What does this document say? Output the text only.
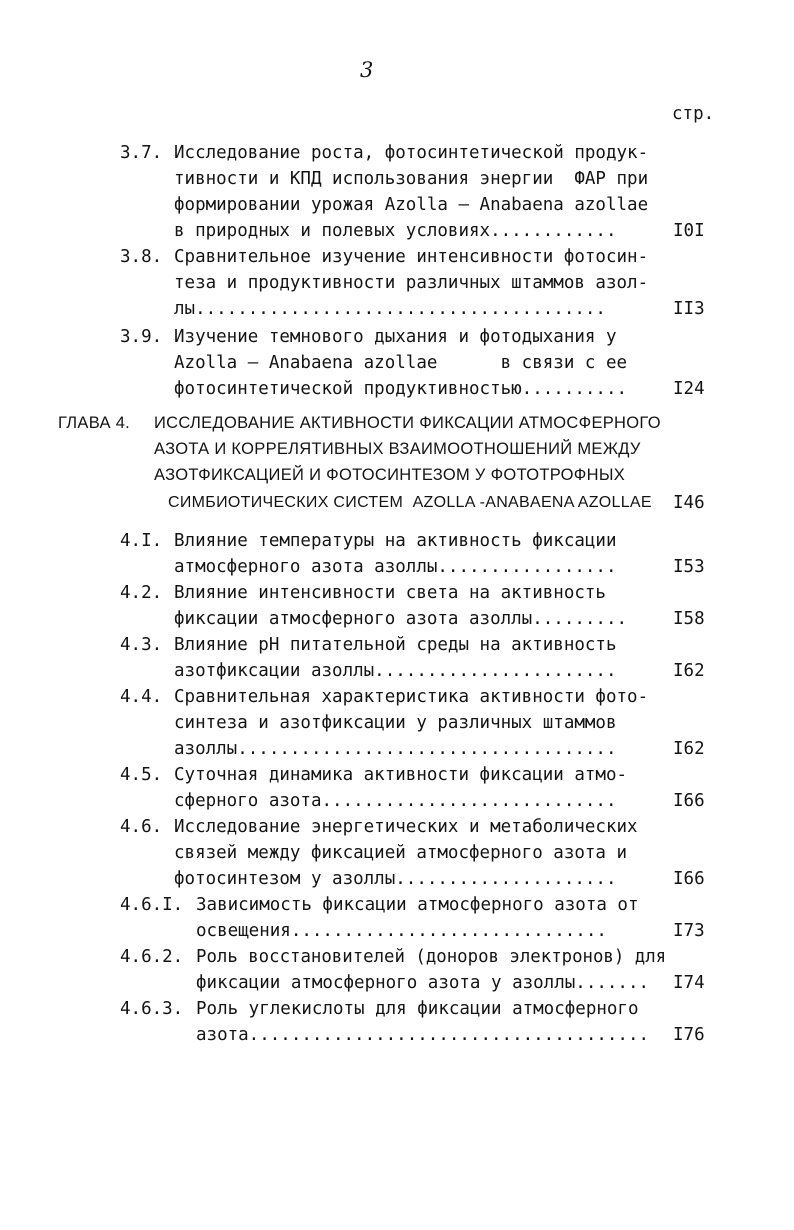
3
стр.
3.7. Исследование роста, фотосинтетической продук-
тивности и КПД использования энергии  ФАР при
формировании урожая Azolla – Anabaena azollae
в природных и полевых условиях............	I0I
3.8. Сравнительное изучение интенсивности фотосин-
теза и продуктивности различных штаммов азол-
лы.......................................	II3
3.9. Изучение темнового дыхания и фотодыхания у
Azolla – Anabaena azollae      в связи с ее
фотосинтетической продуктивностью..........	I24
ГЛАВА 4. ИССЛЕДОВАНИЕ АКТИВНОСТИ ФИКСАЦИИ АТМОСФЕРНОГО
АЗОТА И КОРРЕЛЯТИВНЫХ ВЗАИМООТНОШЕНИЙ МЕЖДУ
АЗОТФИКСАЦИЕЙ И ФОТОСИНТЕЗОМ У ФОТОТРОФНЫХ
СИМБИОТИЧЕСКИХ СИСТЕМ  AZOLLA -ANABAENA AZOLLAE I46
4.I. Влияние температуры на активность фиксации
атмосферного азота азоллы.................	I53
4.2. Влияние интенсивности света на активность
фиксации атмосферного азота азоллы.........	I58
4.3. Влияние рН питательной среды на активность
азотфиксации азоллы.......................	I62
4.4. Сравнительная характеристика активности фото-
синтеза и азотфиксации у различных штаммов
азоллы....................................	I62
4.5. Суточная динамика активности фиксации атмо-
сферного азота............................	I66
4.6. Исследование энергетических и метаболических
связей между фиксацией атмосферного азота и
фотосинтезом у азоллы.....................	I66
4.6.I. Зависимость фиксации атмосферного азота от
освещения..............................	I73
4.6.2. Роль восстановителей (доноров электронов) для
фиксации атмосферного азота у азоллы....... I74
4.6.3. Роль углекислоты для фиксации атмосферного
азота...................................... I76
